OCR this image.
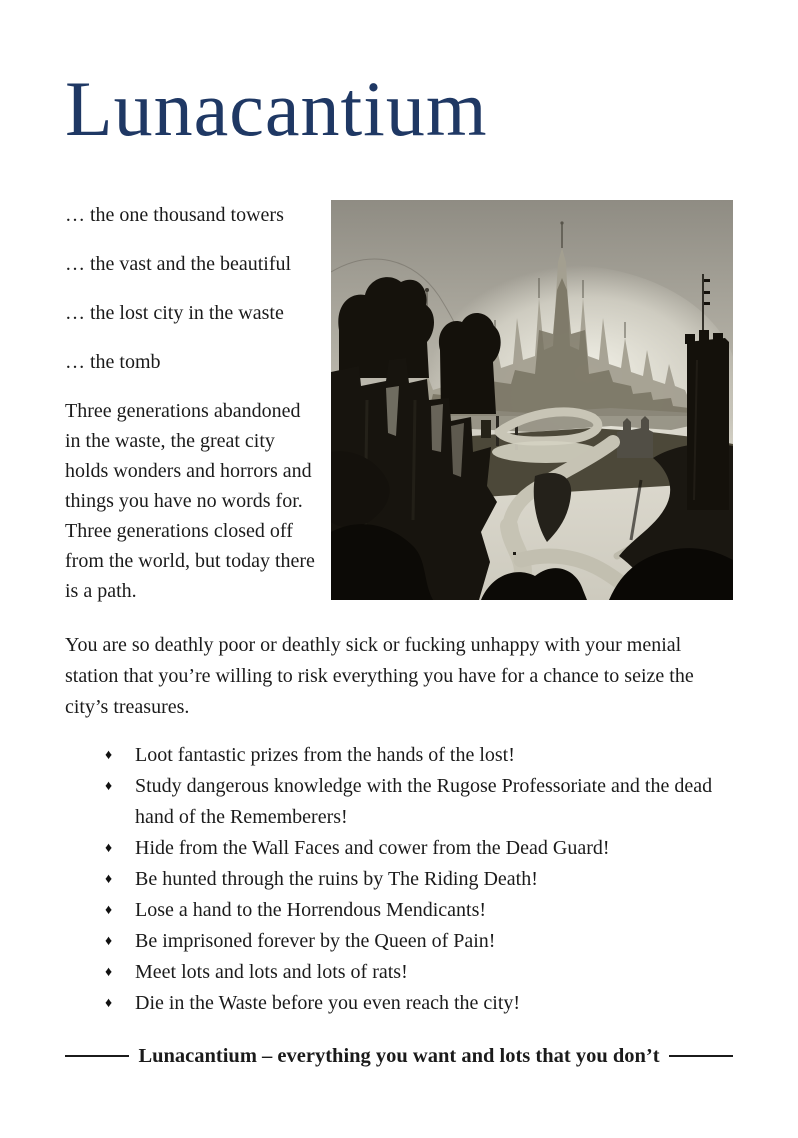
Lunacantium

… the one thousand towers

… the vast and the beautiful

… the lost city in the waste

… the tomb

Three generations abandoned in the waste, the great city holds wonders and horrors and things you have no words for. Three generations closed off from the world, but today there is a path.

You are so deathly poor or deathly sick or fucking unhappy with your menial station that you’re willing to risk everything you have for a chance to seize the city’s treasures.

♦	Loot fantastic prizes from the hands of the lost!
♦	Study dangerous knowledge with the Rugose Professoriate and the dead hand of the Rememberers!
♦	Hide from the Wall Faces and cower from the Dead Guard!
♦	Be hunted through the ruins by The Riding Death!
♦	Lose a hand to the Horrendous Mendicants!
♦	Be imprisoned forever by the Queen of Pain!
♦	Meet lots and lots and lots of rats!
♦	Die in the Waste before you even reach the city!
Lunacantium – everything you want and lots that you don’t
